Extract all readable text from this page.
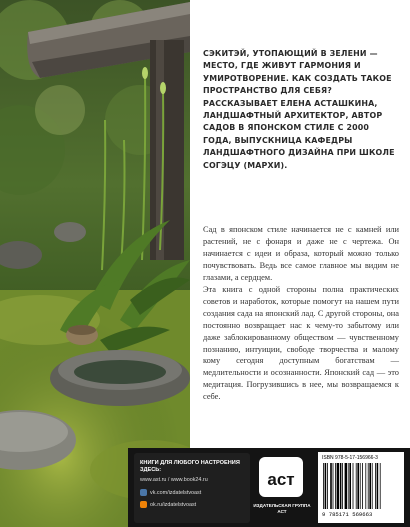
СЭКИТЭЙ, УТОПАЮЩИЙ В ЗЕЛЕНИ — МЕСТО, ГДЕ ЖИВУТ ГАРМОНИЯ И УМИРОТВОРЕНИЕ. КАК СОЗДАТЬ ТАКОЕ ПРОСТРАНСТВО ДЛЯ СЕБЯ? РАССКАЗЫВАЕТ ЕЛЕНА АСТАШКИНА, ЛАНДШАФТНЫЙ АРХИТЕКТОР, АВТОР САДОВ В ЯПОНСКОМ СТИЛЕ С 2000 ГОДА, ВЫПУСКНИЦА КАФЕДРЫ ЛАНДШАФТНОГО ДИЗАЙНА ПРИ ШКОЛЕ СОГЭЦУ (МАРХИ).

Сад в японском стиле начинается не с камней или растений, не с фонаря и даже не с чертежа. Он начинается с идеи и образа, который можно только почувствовать. Ведь все самое главное мы видим не глазами, а сердцем.

Эта книга с одной стороны полна практических советов и наработок, которые помогут на нашем пути создания сада на японский лад. С другой стороны, она постоянно возвращает нас к чему-то забытому или даже заблокированному обществом — чувственному познанию, интуиции, свободе творчества и малому кому сегодня доступным богатствам — медлительности и осознанности. Японский сад — это медитация. Погрузившись в нее, мы возвращаемся к себе.

КНИГИ ДЛЯ ЛЮБОГО НАСТРОЕНИЯ ЗДЕСЬ:

www.ast.ru / www.book24.ru
vk.com/izdatelstvoast
ok.ru/izdatelstvoast
аст

ИЗДАТЕЛЬСКАЯ ГРУППА АСТ

ISBN 978-5-17-156966-3
9 785171 569663
